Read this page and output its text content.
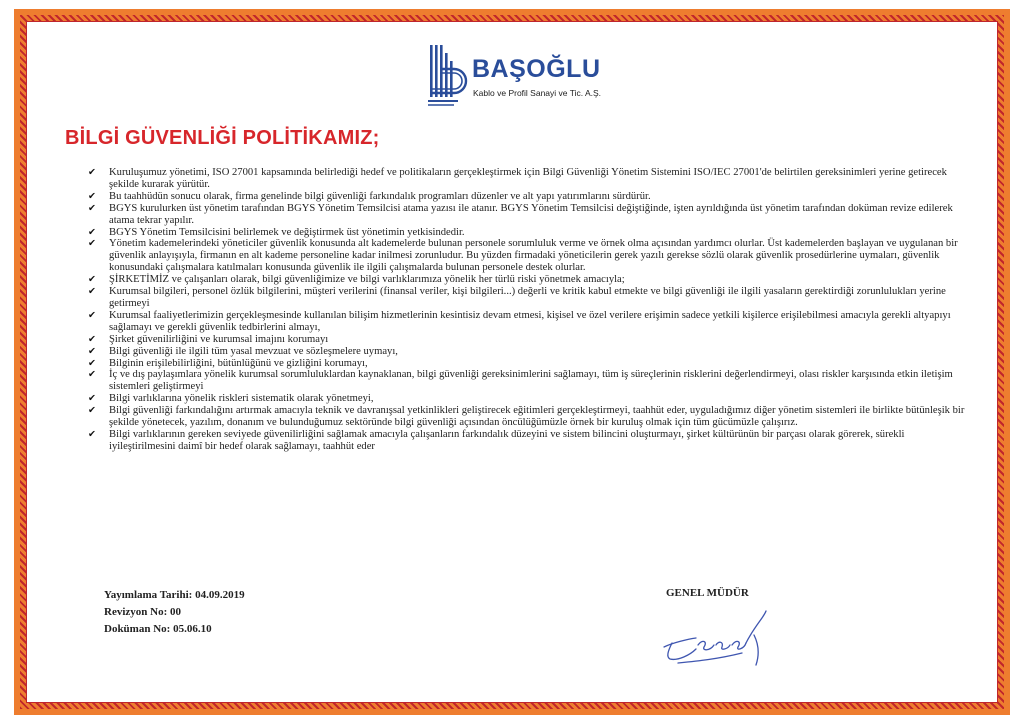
BAŞOĞLU
Kablo ve Profil Sanayi ve Tic. A.Ş.
BİLGİ GÜVENLİĞİ POLİTİKAMIZ;
✔ Kuruluşumuz yönetimi, ISO 27001 kapsamında belirlediği hedef ve politikaların gerçekleştirmek için Bilgi Güvenliği Yönetim Sistemini ISO/IEC 27001'de belirtilen gereksinimleri yerine getirecek şekilde kurarak yürütür.
✔ Bu taahhüdün sonucu olarak, firma genelinde bilgi güvenliği farkındalık programları düzenler ve alt yapı yatırımlarını sürdürür.
✔ BGYS kurulurken üst yönetim tarafından BGYS Yönetim Temsilcisi atama yazısı ile atanır. BGYS Yönetim Temsilcisi değiştiğinde, işten ayrıldığında üst yönetim tarafından doküman revize edilerek atama tekrar yapılır.
✔ BGYS Yönetim Temsilcisini belirlemek ve değiştirmek üst yönetimin yetkisindedir.
✔ Yönetim kademelerindeki yöneticiler güvenlik konusunda alt kademelerde bulunan personele sorumluluk verme ve örnek olma açısından yardımcı olurlar. Üst kademelerden başlayan ve uygulanan bir güvenlik anlayışıyla, firmanın en alt kademe personeline kadar inilmesi zorunludur. Bu yüzden firmadaki yöneticilerin gerek yazılı gerekse sözlü olarak güvenlik prosedürlerine uymaları, güvenlik konusundaki çalışmalara katılmaları konusunda güvenlik ile ilgili çalışmalarda bulunan personele destek olurlar.
✔ ŞİRKETİMİZ ve çalışanları olarak, bilgi güvenliğimize ve bilgi varlıklarımıza yönelik her türlü riski yönetmek amacıyla;
✔ Kurumsal bilgileri, personel özlük bilgilerini, müşteri verilerini (finansal veriler, kişi bilgileri...) değerli ve kritik kabul etmekte ve bilgi güvenliği ile ilgili yasaların gerektirdiği zorunlulukları yerine getirmeyi
✔ Kurumsal faaliyetlerimizin gerçekleşmesinde kullanılan bilişim hizmetlerinin kesintisiz devam etmesi, kişisel ve özel verilere erişimin sadece yetkili kişilerce erişilebilmesi amacıyla gerekli altyapıyı sağlamayı ve gerekli güvenlik tedbirlerini almayı,
✔ Şirket güvenilirliğini ve kurumsal imajını korumayı
✔ Bilgi güvenliği ile ilgili tüm yasal mevzuat ve sözleşmelere uymayı,
✔ Bilginin erişilebilirliğini, bütünlüğünü ve gizliğini korumayı,
✔ İç ve dış paylaşımlara yönelik kurumsal sorumluluklardan kaynaklanan, bilgi güvenliği gereksinimlerini sağlamayı, tüm iş süreçlerinin risklerini değerlendirmeyi, olası riskler karşısında etkin iletişim sistemleri geliştirmeyi
✔ Bilgi varlıklarına yönelik riskleri sistematik olarak yönetmeyi,
✔ Bilgi güvenliği farkındalığını artırmak amacıyla teknik ve davranışsal yetkinlikleri geliştirecek eğitimleri gerçekleştirmeyi, taahhüt eder, uyguladığımız diğer yönetim sistemleri ile birlikte bütünleşik bir şekilde yönetecek, yazılım, donanım ve bulunduğumuz sektöründe bilgi güvenliği açısından öncülüğümüzle örnek bir kuruluş olmak için tüm gücümüzle çalışırız.
✔ Bilgi varlıklarının gereken seviyede güvenilirliğini sağlamak amacıyla çalışanların farkındalık düzeyini ve sistem bilincini oluşturmayı, şirket kültürünün bir parçası olarak görerek, sürekli iyileştirilmesini daimî bir hedef olarak sağlamayı, taahhüt eder
Yayımlama Tarihi: 04.09.2019
Revizyon No: 00
Doküman No: 05.06.10
GENEL MÜDÜR
